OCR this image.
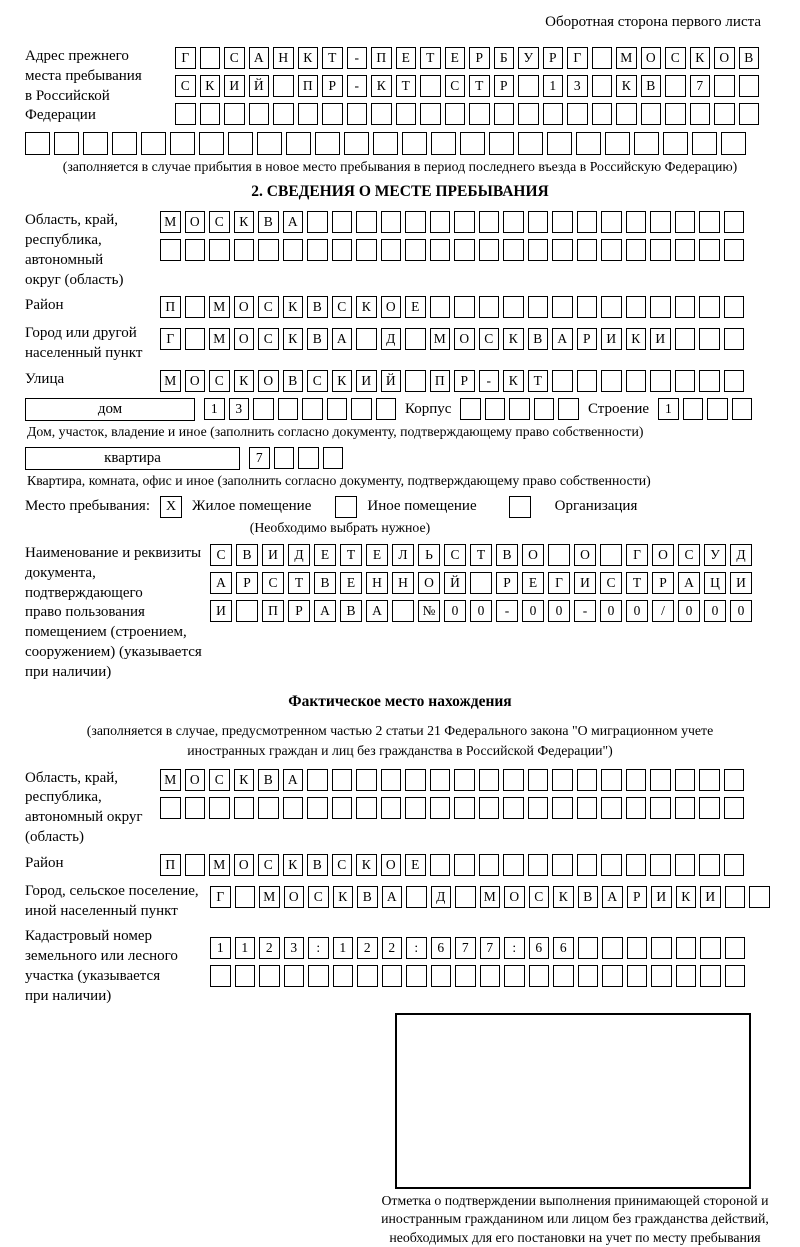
Оборотная сторона первого листа
Адрес прежнего
места пребывания
в Российской
Федерации
Г	С	А	Н	К	Т	-	П	Е	Т	Е	Р	Б	У	Р	Г	М	О	С	К	О	В
С	К	И	Й	П	Р	-	К	Т	С	Т	Р	1	3	К	В	7
(заполняется в случае прибытия в новое место пребывания в период последнего въезда в Российскую Федерацию)
2. СВЕДЕНИЯ О МЕСТЕ ПРЕБЫВАНИЯ
Область, край,
республика,
автономный
округ (область)
М	О	С	К	В	А
Район	П	М	О	С	К	В	С	К	О	Е
Город или другой
населенный пункт
Г	М	О	С	К	В	А	Д	М	О	С	К	В	А	Р	И	К	И
Улица	М	О	С	К	О	В	С	К	И	Й	П	Р	-	К	Т
дом	1	3	Корпус	Строение	1
Дом, участок, владение и иное (заполнить согласно документу, подтверждающему право собственности)
квартира	7
Квартира, комната, офис и иное (заполнить согласно документу, подтверждающему право собственности)
Место пребывания:	X	Жилое помещение	Иное помещение	Организация
(Необходимо выбрать нужное)
Наименование и реквизиты
документа, подтверждающего
право пользования
помещением (строением,
сооружением) (указывается
при наличии)
С	В	И	Д	Е	Т	Е	Л	Ь	С	Т	В	О	О	Г	О	С	У	Д
А	Р	С	Т	В	Е	Н	Н	О	Й	Р	Е	Г	И	С	Т	Р	А	Ц	И
И	П	Р	А	В	А	№	0	0	-	0	0	-	0	0	/	0	0	0
Фактическое место нахождения
(заполняется в случае, предусмотренном частью 2 статьи 21 Федерального закона "О миграционном учете иностранных граждан и лиц без гражданства в Российской Федерации")
Область, край,
республика,
автономный округ
(область)
М	О	С	К	В	А
Район	П	М	О	С	К	В	С	К	О	Е
Город, сельское поселение,
иной населенный пункт
Г	М	О	С	К	В	А	Д	М	О	С	К	В	А	Р	И	К	И
Кадастровый номер
земельного или лесного
участка (указывается
при наличии)
1	1	2	3	:	1	2	2	:	6	7	7	:	6	6
Отметка о подтверждении выполнения принимающей стороной и иностранным гражданином или лицом без гражданства действий, необходимых для его постановки на учет по месту пребывания
